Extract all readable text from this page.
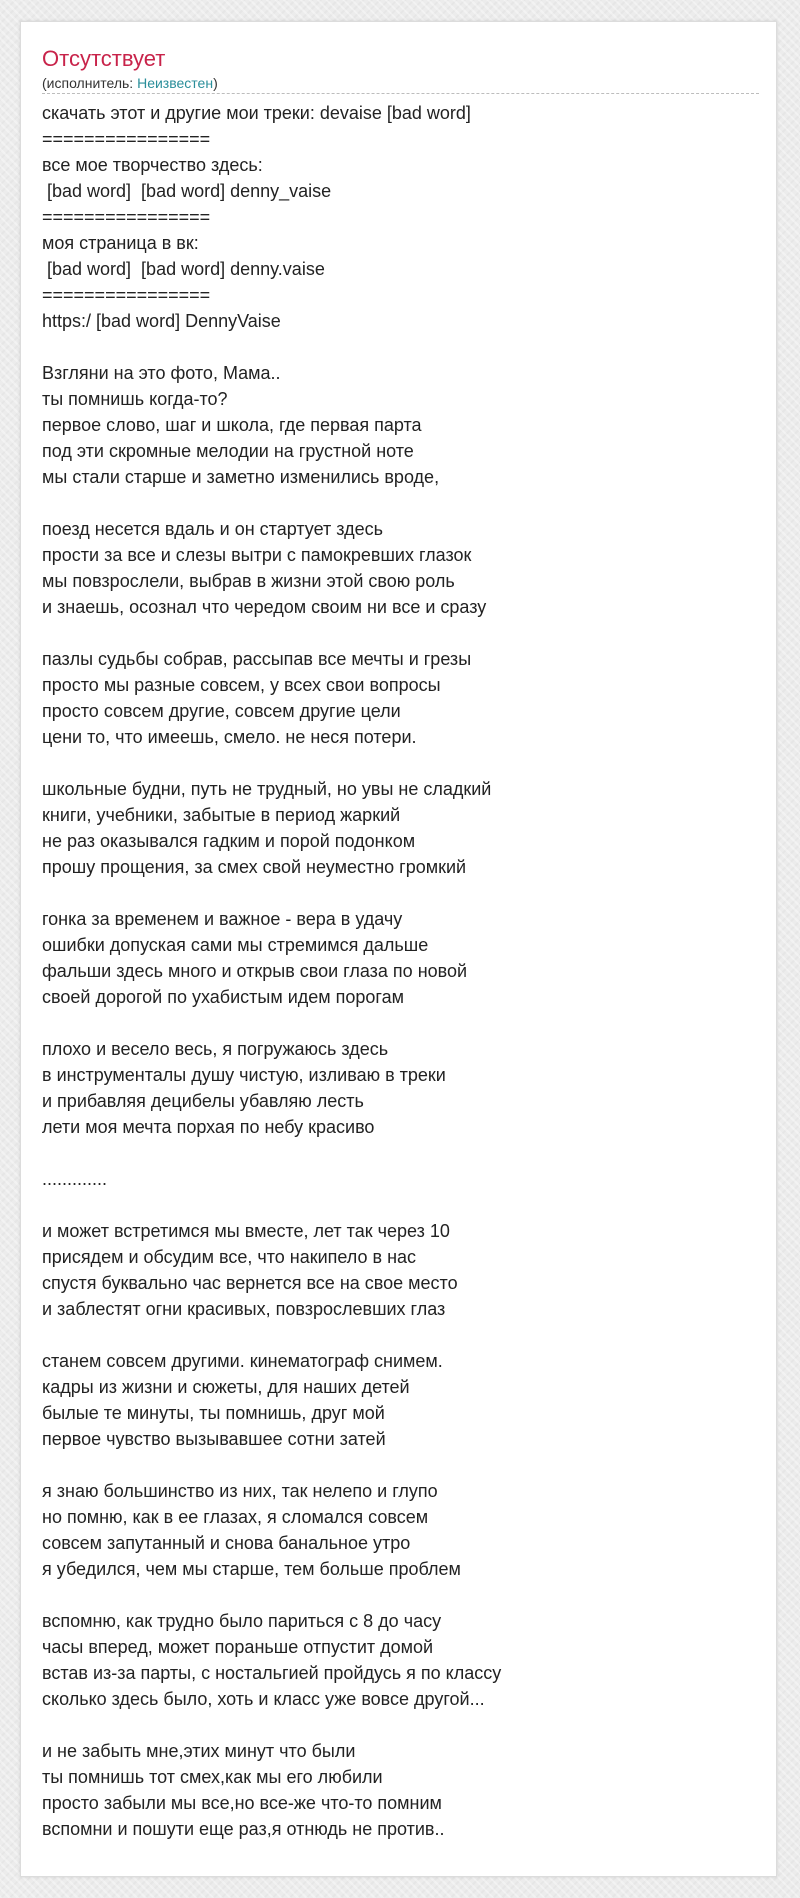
Отсутствует
(исполнитель: Неизвестен)
скачать этот и другие мои треки: devaise [bad word]
================
все мое творчество здесь:
[bad word]  [bad word] denny_vaise
================
моя страница в вк:
[bad word]  [bad word] denny.vaise
================
https:/ [bad word] DennyVaise
Взгляни на это фото, Мама..
ты помнишь когда-то?
первое слово, шаг и школа, где первая парта
под эти скромные мелодии на грустной ноте
мы стали старше и заметно изменились вроде,
поезд несется вдаль и он стартует здесь
прости за все и слезы вытри с памокревших глазок
мы повзрослели, выбрав в жизни этой свою роль
и знаешь, осознал что чередом своим ни все и сразу
пазлы судьбы собрав, рассыпав все мечты и грезы
просто мы разные совсем, у всех свои вопросы
просто совсем другие, совсем другие цели
цени то, что имеешь, смело. не неся потери.
школьные будни, путь не трудный, но увы не сладкий
книги, учебники, забытые в период жаркий
не раз оказывался гадким и порой подонком
прошу прощения, за смех свой неуместно громкий
гонка за временем и важное - вера в удачу
ошибки допуская сами мы стремимся дальше
фальши здесь много и открыв свои глаза по новой
своей дорогой по ухабистым идем порогам
плохо и весело весь, я погружаюсь здесь
в инструменталы душу чистую, изливаю в треки
и прибавляя децибелы убавляю лесть
лети моя мечта порхая по небу красиво
.............
и может встретимся мы вместе, лет так через 10
присядем и обсудим все, что накипело в нас
спустя буквально час вернется все на свое место
и заблестят огни красивых, повзрослевших глаз
станем совсем другими. кинематограф снимем.
кадры из жизни и сюжеты, для наших детей
былые те минуты, ты помнишь, друг мой
первое чувство вызывавшее сотни затей
я знаю большинство из них, так нелепо и глупо
но помню, как в ее глазах, я сломался совсем
совсем запутанный и снова банальное утро
я убедился, чем мы старше, тем больше проблем
вспомню, как трудно было париться с 8 до часу
часы вперед, может пораньше отпустит домой
встав из-за парты, с ностальгией пройдусь я по классу
сколько здесь было, хоть и класс уже вовсе другой...
и не забыть мне,этих минут что были
ты помнишь тот смех,как мы его любили
просто забыли мы все,но все-же что-то помним
вспомни и пошути еще раз,я отнюдь не против..
